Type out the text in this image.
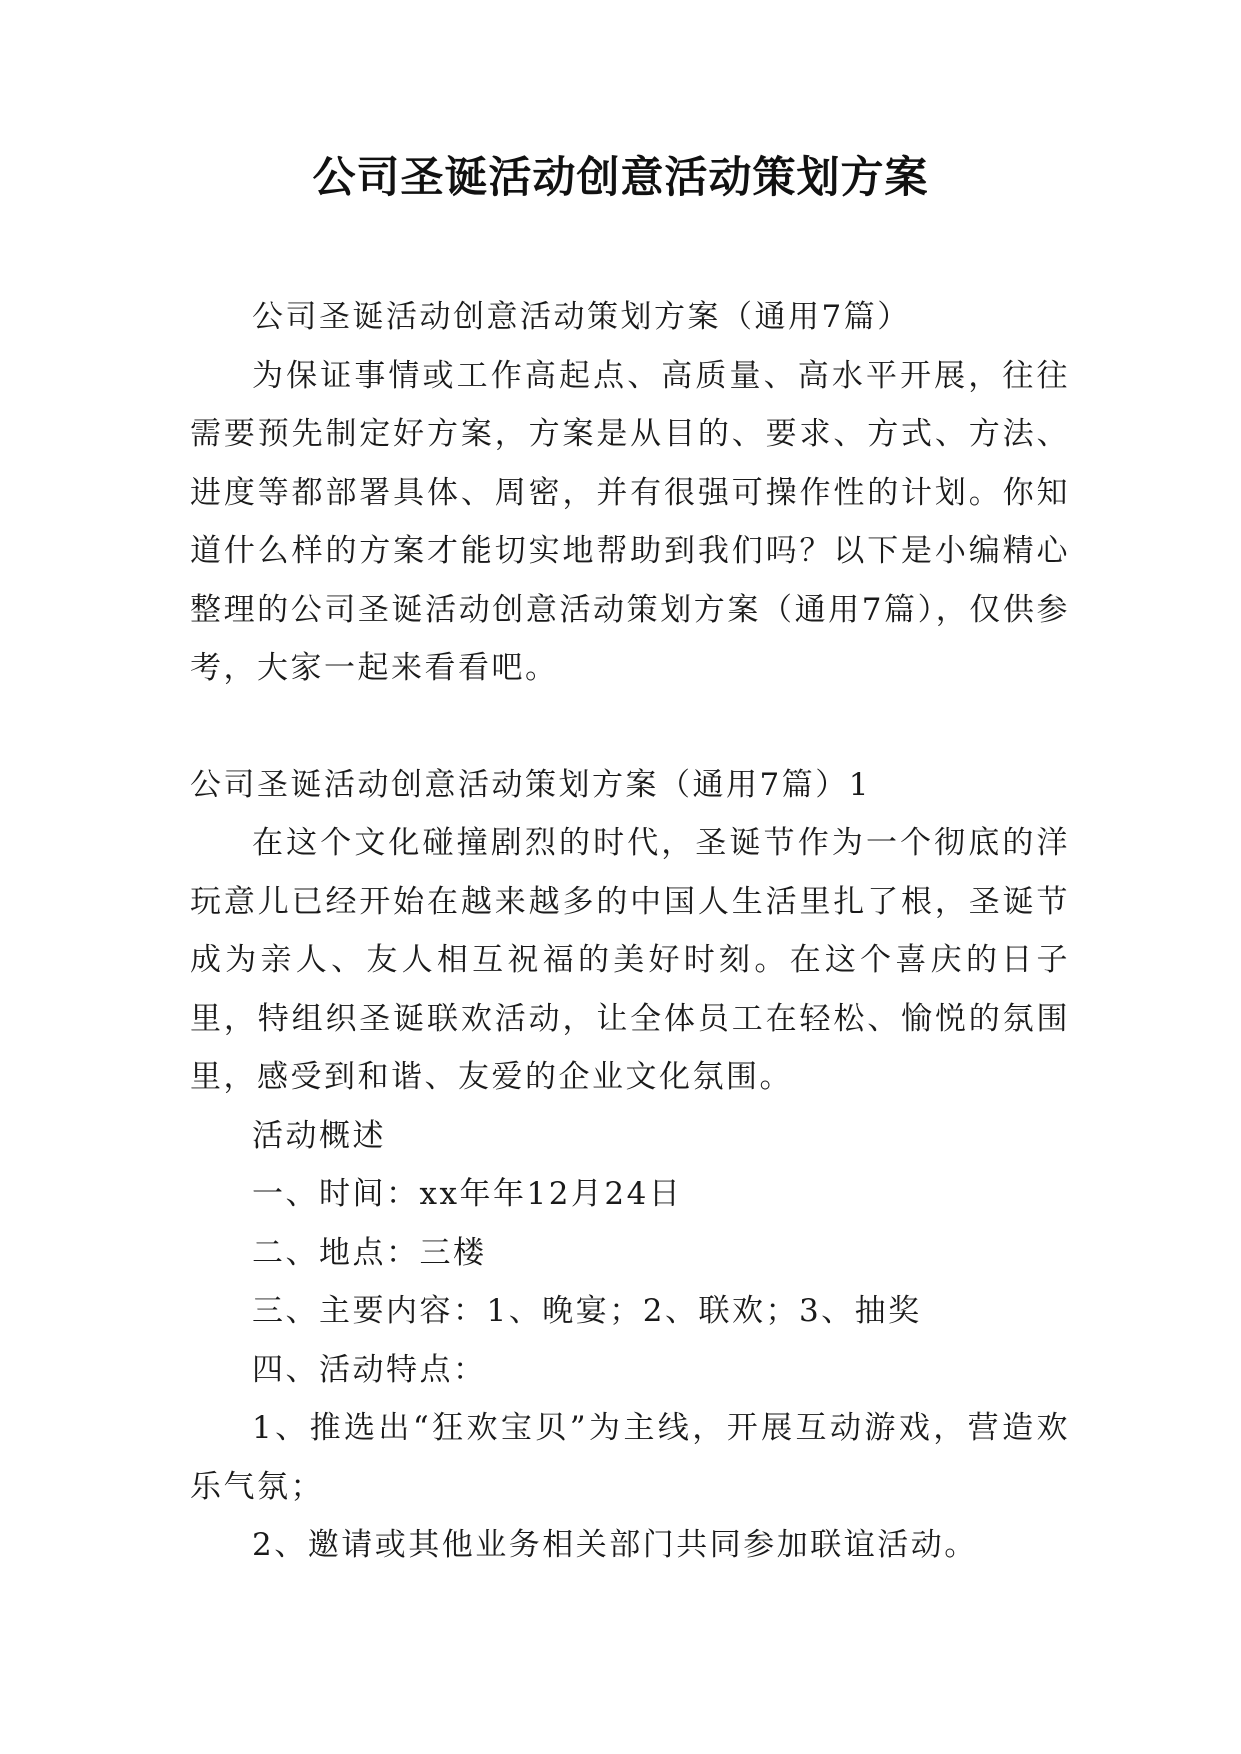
公司圣诞活动创意活动策划方案

公司圣诞活动创意活动策划方案（通用7篇）

为保证事情或工作高起点、高质量、高水平开展，往往需要预先制定好方案，方案是从目的、要求、方式、方法、进度等都部署具体、周密，并有很强可操作性的计划。你知道什么样的方案才能切实地帮助到我们吗？以下是小编精心整理的公司圣诞活动创意活动策划方案（通用7篇），仅供参考，大家一起来看看吧。

公司圣诞活动创意活动策划方案（通用7篇）1

在这个文化碰撞剧烈的时代，圣诞节作为一个彻底的洋玩意儿已经开始在越来越多的中国人生活里扎了根，圣诞节成为亲人、友人相互祝福的美好时刻。在这个喜庆的日子里，特组织圣诞联欢活动，让全体员工在轻松、愉悦的氛围里，感受到和谐、友爱的企业文化氛围。

活动概述

一、时间：xx年年12月24日

二、地点：三楼

三、主要内容：1、晚宴；2、联欢；3、抽奖

四、活动特点：

1、推选出“狂欢宝贝”为主线，开展互动游戏，营造欢乐气氛；

2、邀请或其他业务相关部门共同参加联谊活动。
